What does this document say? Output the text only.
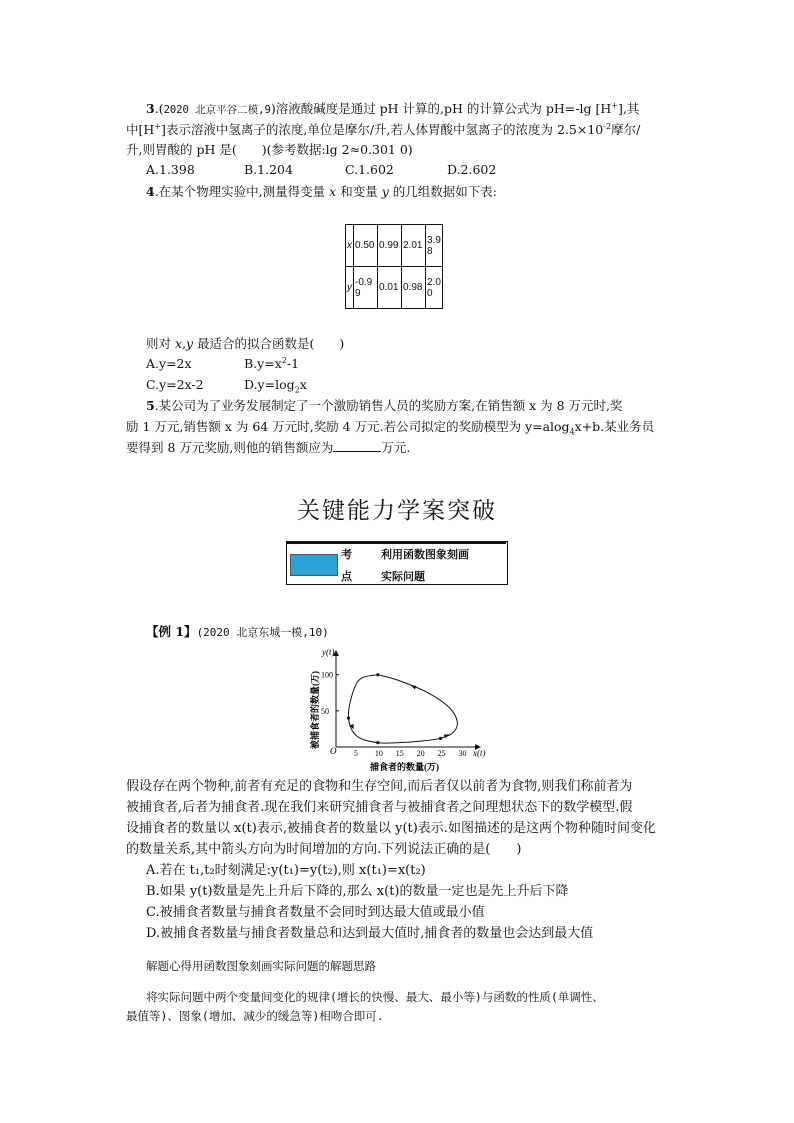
3.(2020 北京平谷二模,9)溶液酸碱度是通过 pH 计算的,pH 的计算公式为 pH=-lg [H+],其
中[H+]表示溶液中氢离子的浓度,单位是摩尔/升,若人体胃酸中氢离子的浓度为 $2.5\times 10^{-2}$摩尔/
升,则胃酸的 pH 是(　　)(参考数据:lg 2≈0.301 0)
A.1.398	B.1.204	C.1.602	D.2.602
4.在某个物理实验中,测量得变量 x 和变量 y 的几组数据如下表:
x	0.50	0.99	2.01	3.9 8
y	-0.9 9	0.01	0.98	2.0 0
则对 x,y 最适合的拟合函数是(　　)
A.y=2x	$B.y=x^2-1$
C.y=2x-2	$D.y=\log_2x$
5.某公司为了业务发展制定了一个激励销售人员的奖励方案,在销售额 x 为 8 万元时,奖
励 1 万元,销售额 x 为 64 万元时,奖励 4 万元.若公司拟定的奖励模型为 y=alog$_4$x+b.某业务员
要得到 8 万元奖励,则他的销售额应为	万元.
关键能力学案突破
考
点
利用函数图象刻画
实际问题
【例 1】(2020 北京东城一模,10)
5 10 15 20 25 30
50
100
x(t)
y(t)
O
捕食者的数量(万)
被捕食者的数量(万)
假设存在两个物种,前者有充足的食物和生存空间,而后者仅以前者为食物,则我们称前者为
被捕食者,后者为捕食者.现在我们来研究捕食者与被捕食者之间理想状态下的数学模型.假
设捕食者的数量以 x(t)表示,被捕食者的数量以 y(t)表示.如图描述的是这两个物种随时间变化
的数量关系,其中箭头方向为时间增加的方向.下列说法正确的是(　　)
A.若在 t₁,t₂时刻满足:y(t₁)=y(t₂),则 x(t₁)=x(t₂)
B.如果 y(t)数量是先上升后下降的,那么 x(t)的数量一定也是先上升后下降
C.被捕食者数量与捕食者数量不会同时到达最大值或最小值
D.被捕食者数量与捕食者数量总和达到最大值时,捕食者的数量也会达到最大值
解题心得用函数图象刻画实际问题的解题思路
将实际问题中两个变量间变化的规律(增长的快慢、最大、最小等)与函数的性质(单调性、
最值等)、图象(增加、减少的缓急等)相吻合即可.
